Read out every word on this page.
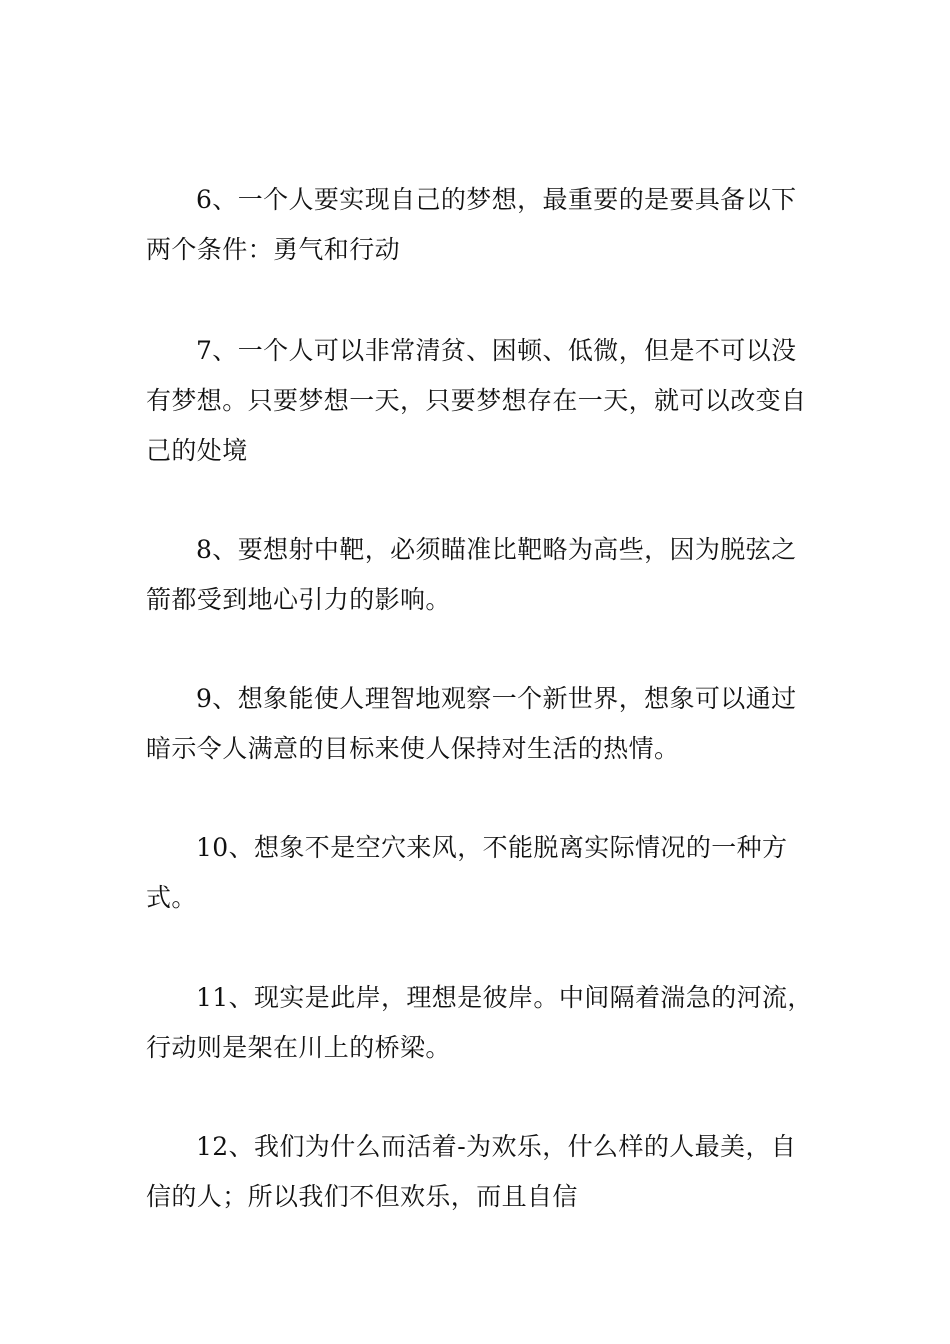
6、一个人要实现自己的梦想，最重要的是要具备以下两个条件：勇气和行动

7、一个人可以非常清贫、困顿、低微，但是不可以没有梦想。只要梦想一天，只要梦想存在一天，就可以改变自己的处境

8、要想射中靶，必须瞄准比靶略为高些，因为脱弦之箭都受到地心引力的影响。

9、想象能使人理智地观察一个新世界，想象可以通过暗示令人满意的目标来使人保持对生活的热情。

10、想象不是空穴来风，不能脱离实际情况的一种方式。

11、现实是此岸，理想是彼岸。中间隔着湍急的河流，行动则是架在川上的桥梁。

12、我们为什么而活着-为欢乐，什么样的人最美，自信的人；所以我们不但欢乐，而且自信
